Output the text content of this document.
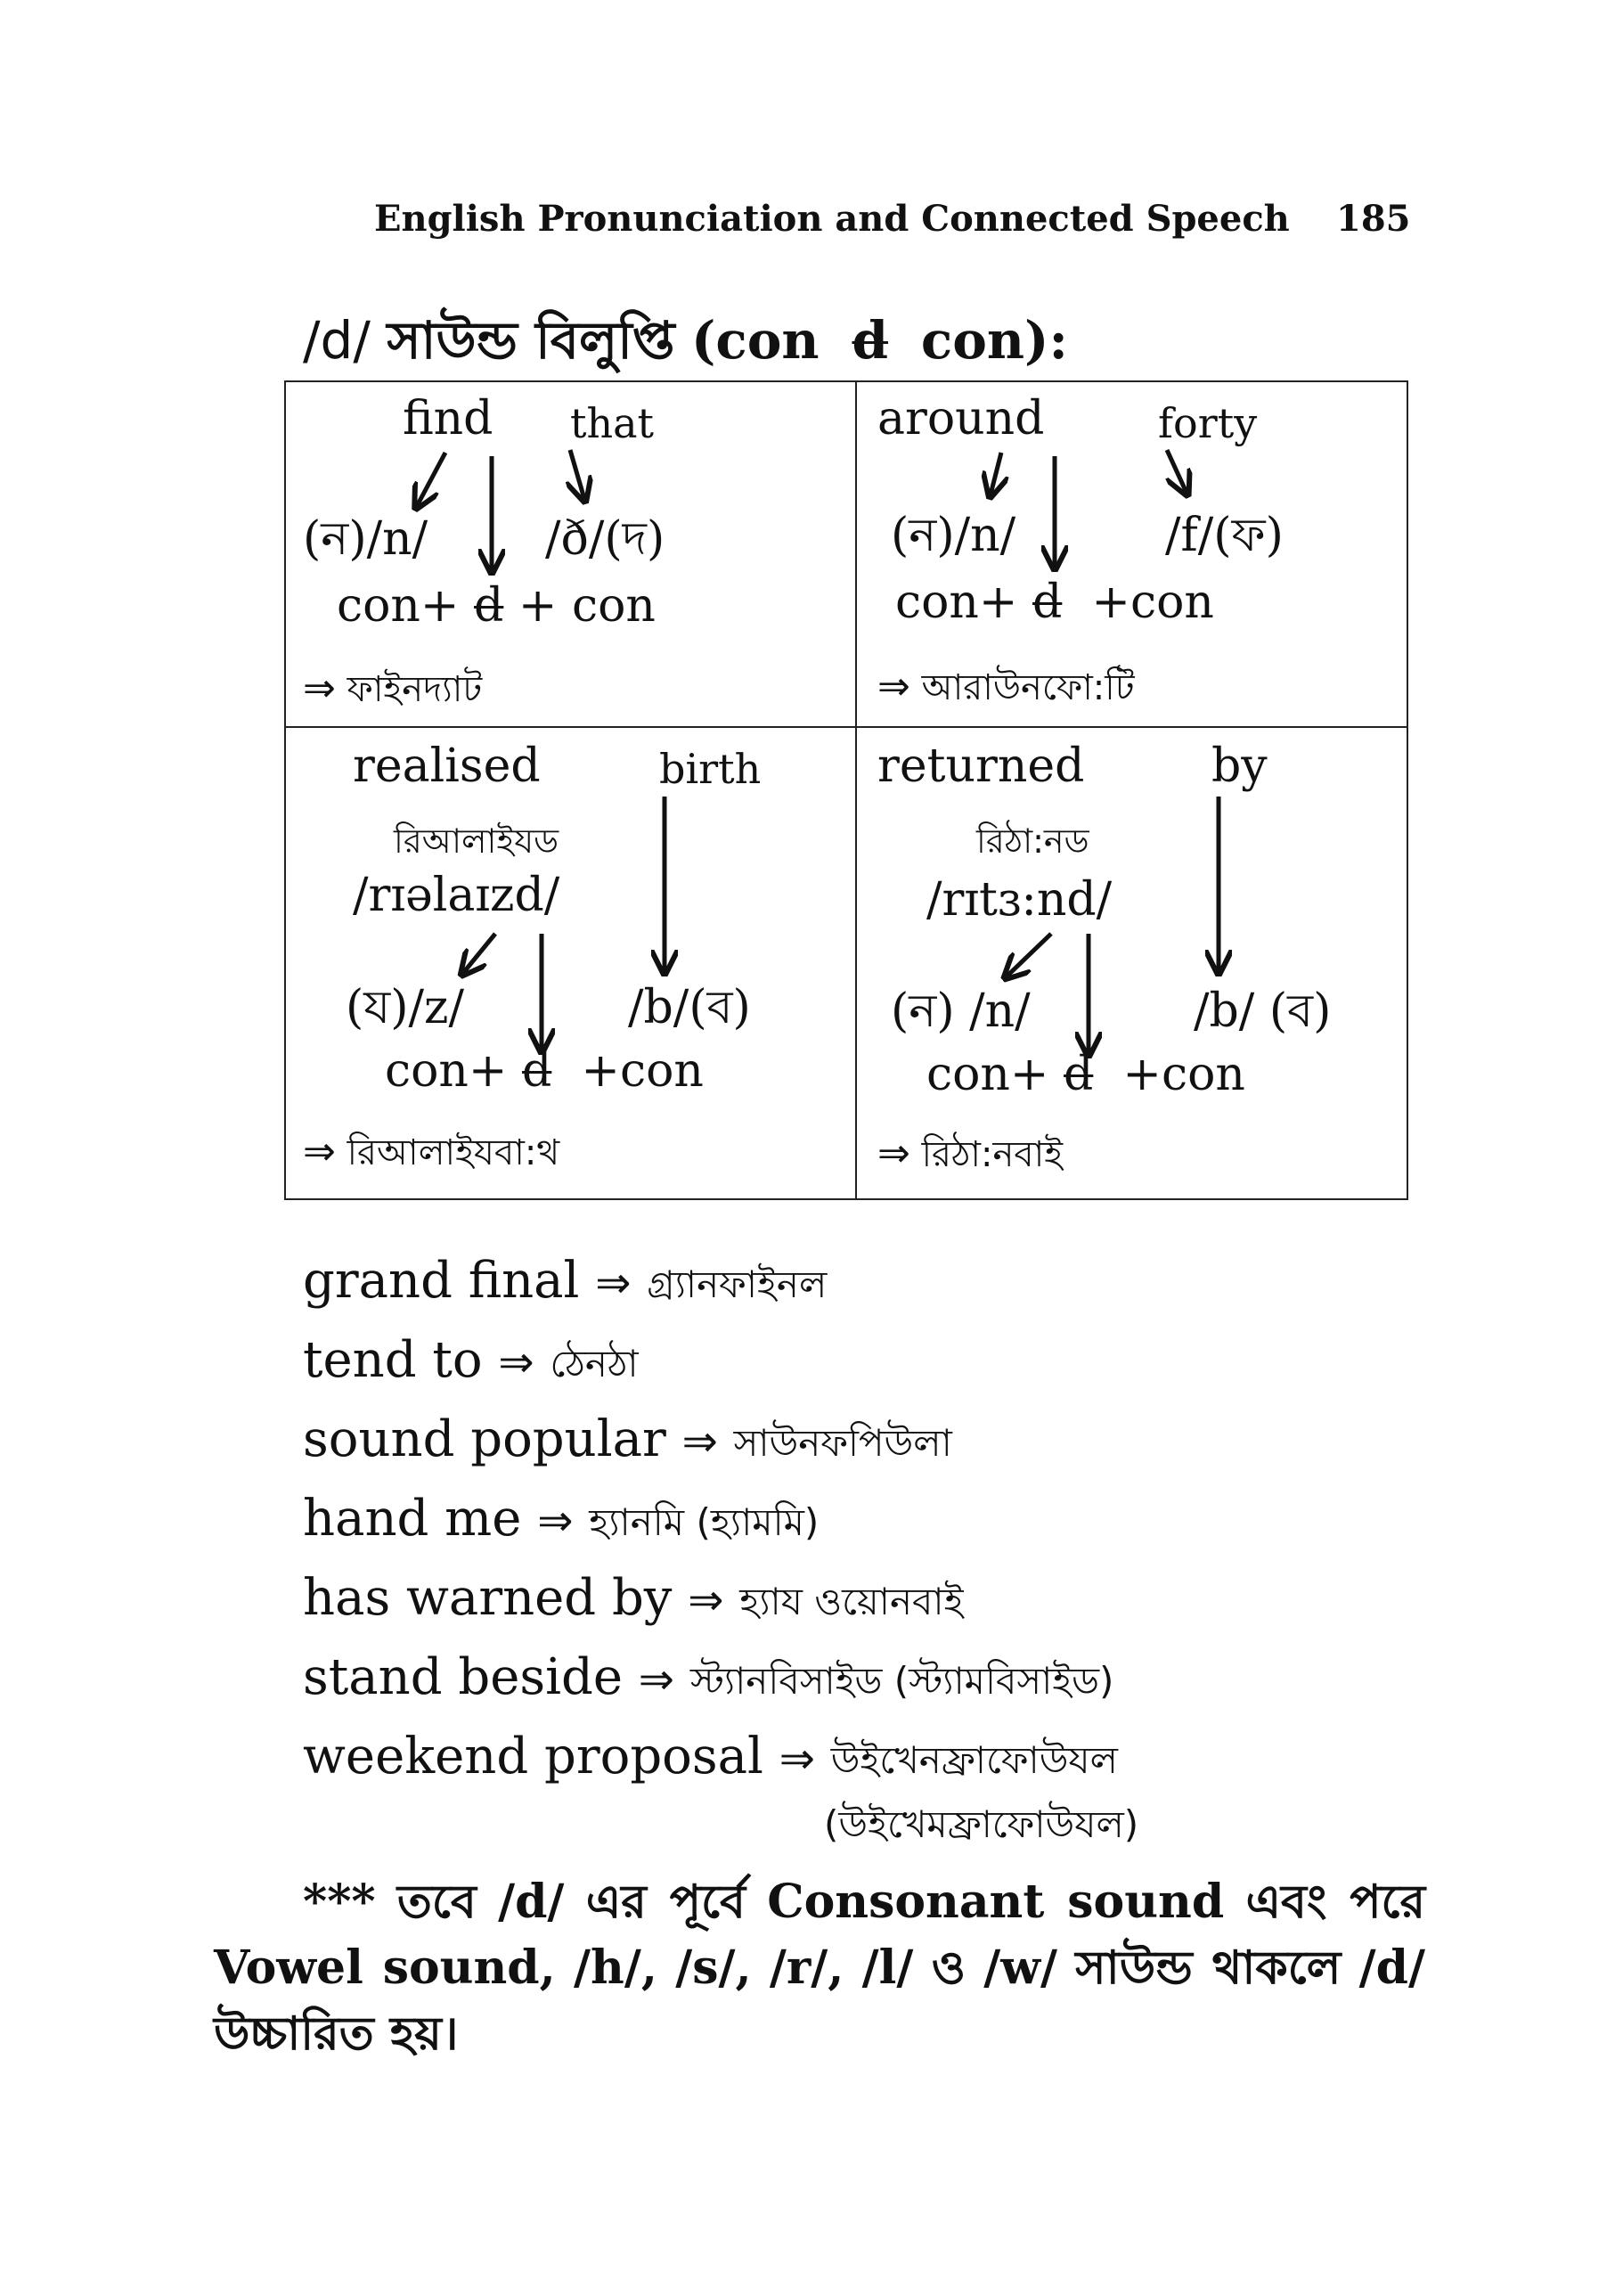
English Pronunciation and Connected Speech 185
/d/ সাউন্ড বিলুপ্তি (con d con):
find that
(ন)/n/	/ð/(দ)
con+ d + con
⇒ ফাইনদ্যাট
around	forty
(ন)/n/	/f/(ফ)
con+ d +con
⇒ আরাউনফো:টি
realised	birth
রিআলাইযড
/rɪəlaɪzd/
(য)/z/	/b/(ব)
con+ d +con
⇒ রিআলাইযবা:থ
returned	by
রিঠা:নড
/rɪtɜ:nd/
(ন) /n/	/b/ (ব)
con+ d +con
⇒ রিঠা:নবাই
grand final ⇒ গ্র্যানফাইনল
tend to ⇒ ঠেনঠা
sound popular ⇒ সাউনফপিউলা
hand me ⇒ হ্যানমি (হ্যামমি)
has warned by ⇒ হ্যায ওয়োনবাই
stand beside ⇒ স্ট্যানবিসাইড (স্ট্যামবিসাইড)
weekend proposal ⇒ উইখেনফ্রাফোউযল
(উইখেমফ্রাফোউযল)
*** তবে /d/ এর পূর্বে Consonant sound এবং পরে Vowel sound, /h/, /s/, /r/, /l/ ও /w/ সাউন্ড থাকলে /d/ উচ্চারিত হয়।
